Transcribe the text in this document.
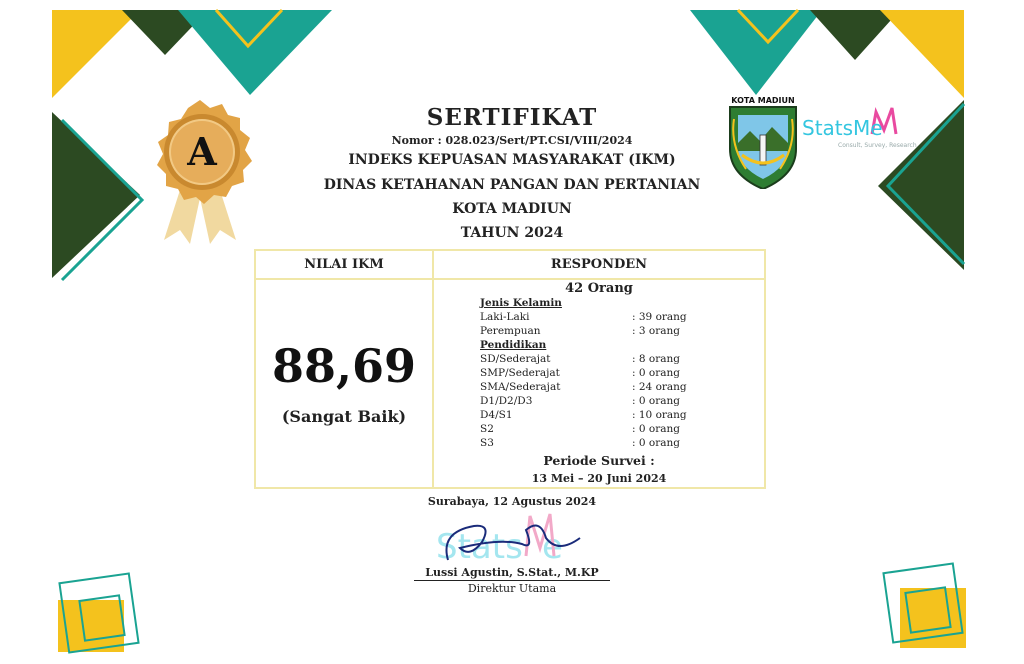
A
KOTA MADIUN
StatsMe
Consult, Survey, Research
SERTIFIKAT
Nomor : 028.023/Sert/PT.CSI/VIII/2024
INDEKS KEPUASAN MASYARAKAT (IKM)
DINAS KETAHANAN PANGAN DAN PERTANIAN
KOTA MADIUN
TAHUN 2024
NILAI IKM	RESPONDEN
88,69
(Sangat Baik)
42 Orang
Jenis Kelamin
Laki-Laki	: 39 orang
Perempuan	: 3 orang
Pendidikan
SD/Sederajat	: 8 orang
SMP/Sederajat	: 0 orang
SMA/Sederajat	: 24 orang
D1/D2/D3	: 0 orang
D4/S1	: 10 orang
S2	: 0 orang
S3	: 0 orang
Periode Survei :
13 Mei – 20 Juni 2024
Surabaya, 12 Agustus 2024
Stats e
Lussi Agustin, S.Stat., M.KP
Direktur Utama
